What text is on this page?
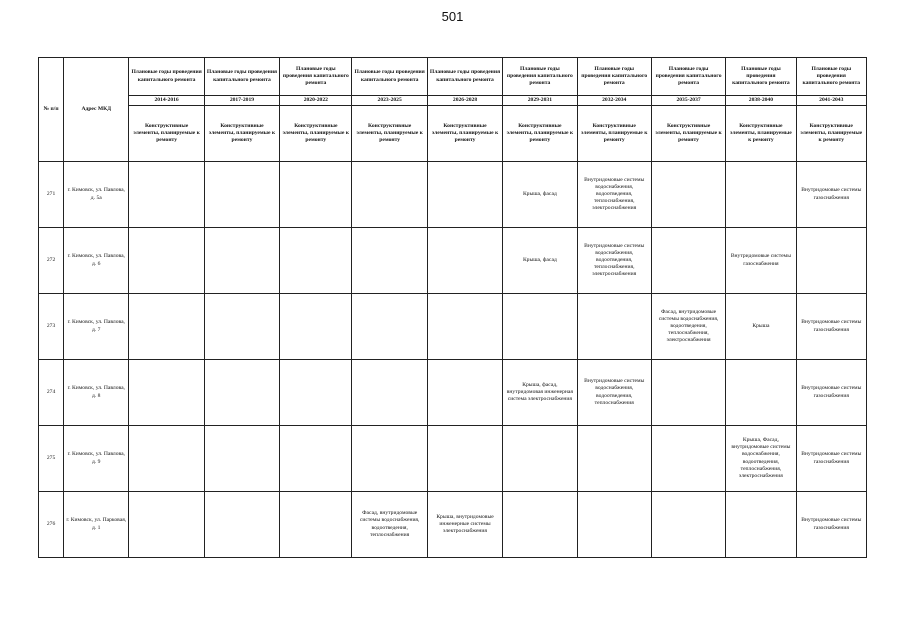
501
№ п/п	Адрес МКД	Плановые годы проведения капитального ремонта	Плановые годы проведения капитального ремонта	Плановые годы проведения капитального ремонта	Плановые годы проведения капитального ремонта	Плановые годы проведения капитального ремонта	Плановые годы проведения капитального ремонта	Плановые годы проведения капитального ремонта	Плановые годы проведения капитального ремонта	Плановые годы проведения капитального ремонта	Плановые годы проведения капитального ремонта
		2014-2016	2017-2019	2020-2022	2023-2025	2026-2028	2029-2031	2032-2034	2035-2037	2038-2040	2041-2043
		Конструктивные элементы, планируемые к ремонту	Конструктивные элементы, планируемые к ремонту	Конструктивные элементы, планируемые к ремонту	Конструктивные элементы, планируемые к ремонту	Конструктивные элементы, планируемые к ремонту	Конструктивные элементы, планируемые к ремонту	Конструктивные элементы, планируемые к ремонту	Конструктивные элементы, планируемые к ремонту	Конструктивные элементы, планируемые к ремонту	Конструктивные элементы, планируемые к ремонту
271	г. Кимовск, ул. Павлова, д. 5а						Крыша, фасад	Внутридомовые системы водоснабжения, водоотведения, теплоснабжения, электроснабжения			Внутридомовые системы газоснабжения
272	г. Кимовск, ул. Павлова, д. 6						Крыша, фасад	Внутридомовые системы водоснабжения, водоотведения, теплоснабжения, электроснабжения		Внутридомовые системы газоснабжения	
273	г. Кимовск, ул. Павлова, д. 7								Фасад, внутридомовые системы водоснабжения, водоотведения, теплоснабжения, электроснабжения	Крыша	Внутридомовые системы газоснабжения
274	г. Кимовск, ул. Павлова, д. 8						Крыша, фасад, внутридомовая инженерная система электроснабжения	Внутридомовые системы водоснабжения, водоотведения, теплоснабжения			Внутридомовые системы газоснабжения
275	г. Кимовск, ул. Павлова, д. 9									Крыша, Фасад, внутридомовые системы водоснабжения, водоотведения, теплоснабжения, электроснабжения	Внутридомовые системы газоснабжения
276	г. Кимовск, ул. Парковая, д. 1				Фасад, внутридомовые системы водоснабжения, водоотведения, теплоснабжения	Крыша, внутридомовые инженерные системы электроснабжения					Внутридомовые системы газоснабжения
